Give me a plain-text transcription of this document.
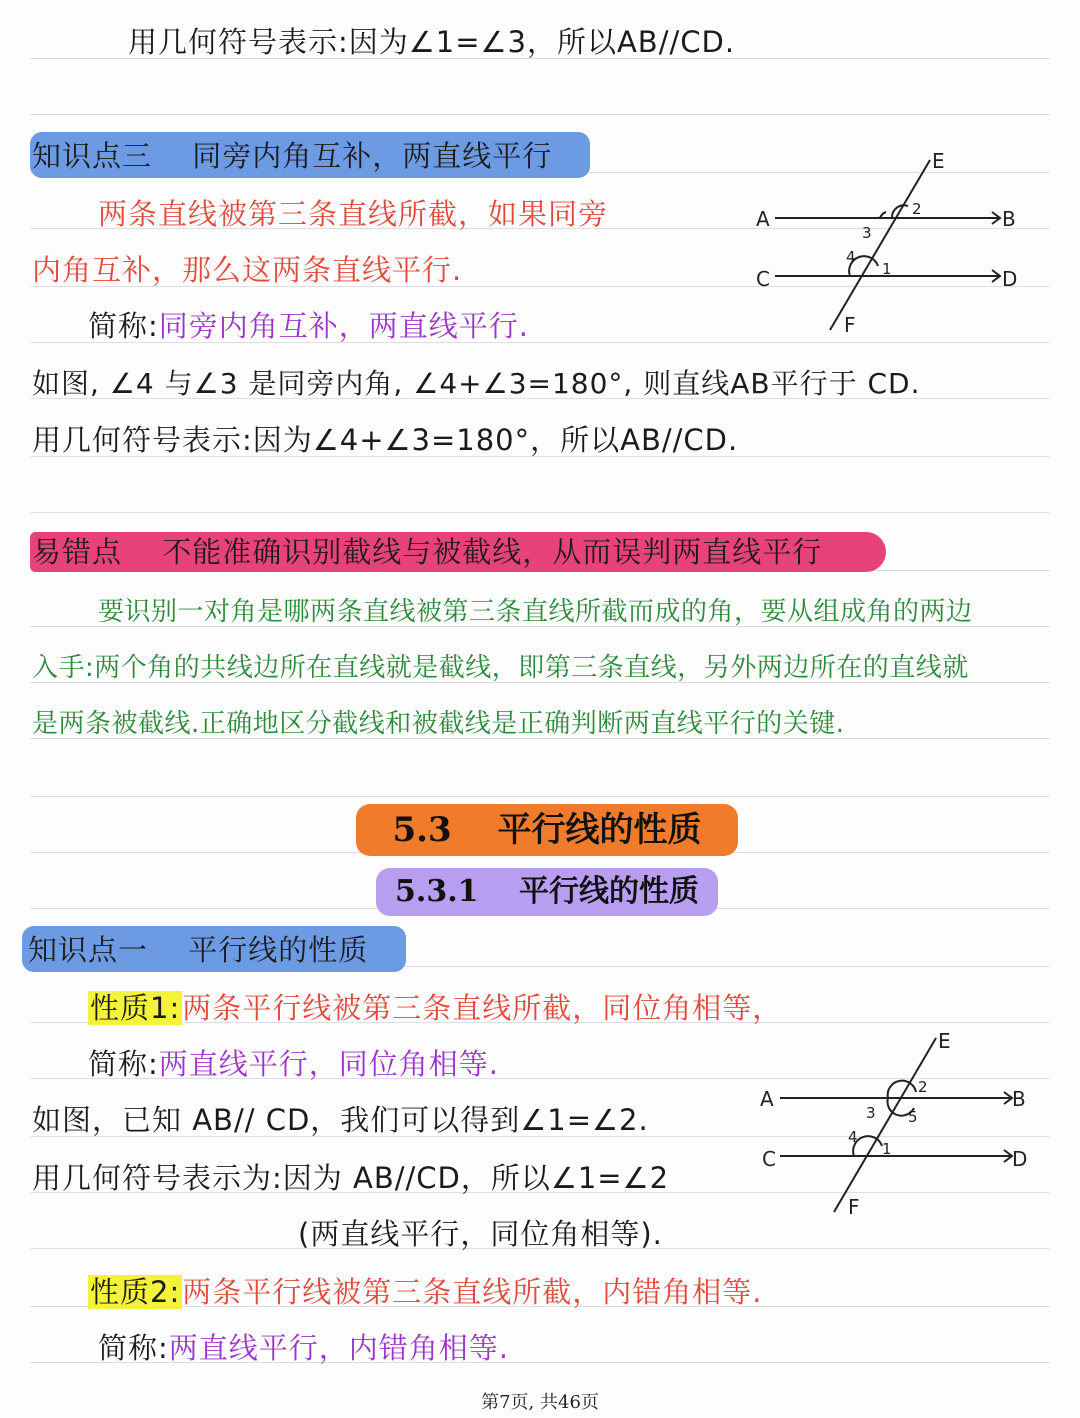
用几何符号表示:因为∠1=∠3，所以AB//CD.
知识点三　 同旁内角互补，两直线平行
两条直线被第三条直线所截，如果同旁
内角互补，那么这两条直线平行.
简称:同旁内角互补，两直线平行.
如图, ∠4 与∠3 是同旁内角, ∠4+∠3=180°, 则直线AB平行于 CD.
用几何符号表示:因为∠4+∠3=180°，所以AB//CD.
E
A	B
C	D
F
1
2
3
4
易错点　 不能准确识别截线与被截线，从而误判两直线平行
要识别一对角是哪两条直线被第三条直线所截而成的角，要从组成角的两边
入手:两个角的共线边所在直线就是截线，即第三条直线，另外两边所在的直线就
是两条被截线.正确地区分截线和被截线是正确判断两直线平行的关键.
5.3　 平行线的性质
5.3.1　 平行线的性质
知识点一　 平行线的性质
性质1:两条平行线被第三条直线所截，同位角相等，
简称:两直线平行，同位角相等.
如图，已知 AB// CD，我们可以得到∠1=∠2.
用几何符号表示为:因为 AB//CD，所以∠1=∠2
(两直线平行，同位角相等).
性质2:两条平行线被第三条直线所截，内错角相等.
简称:两直线平行，内错角相等.
E
A	B
C	D
F
1
2
3
4
5
第7页, 共46页
